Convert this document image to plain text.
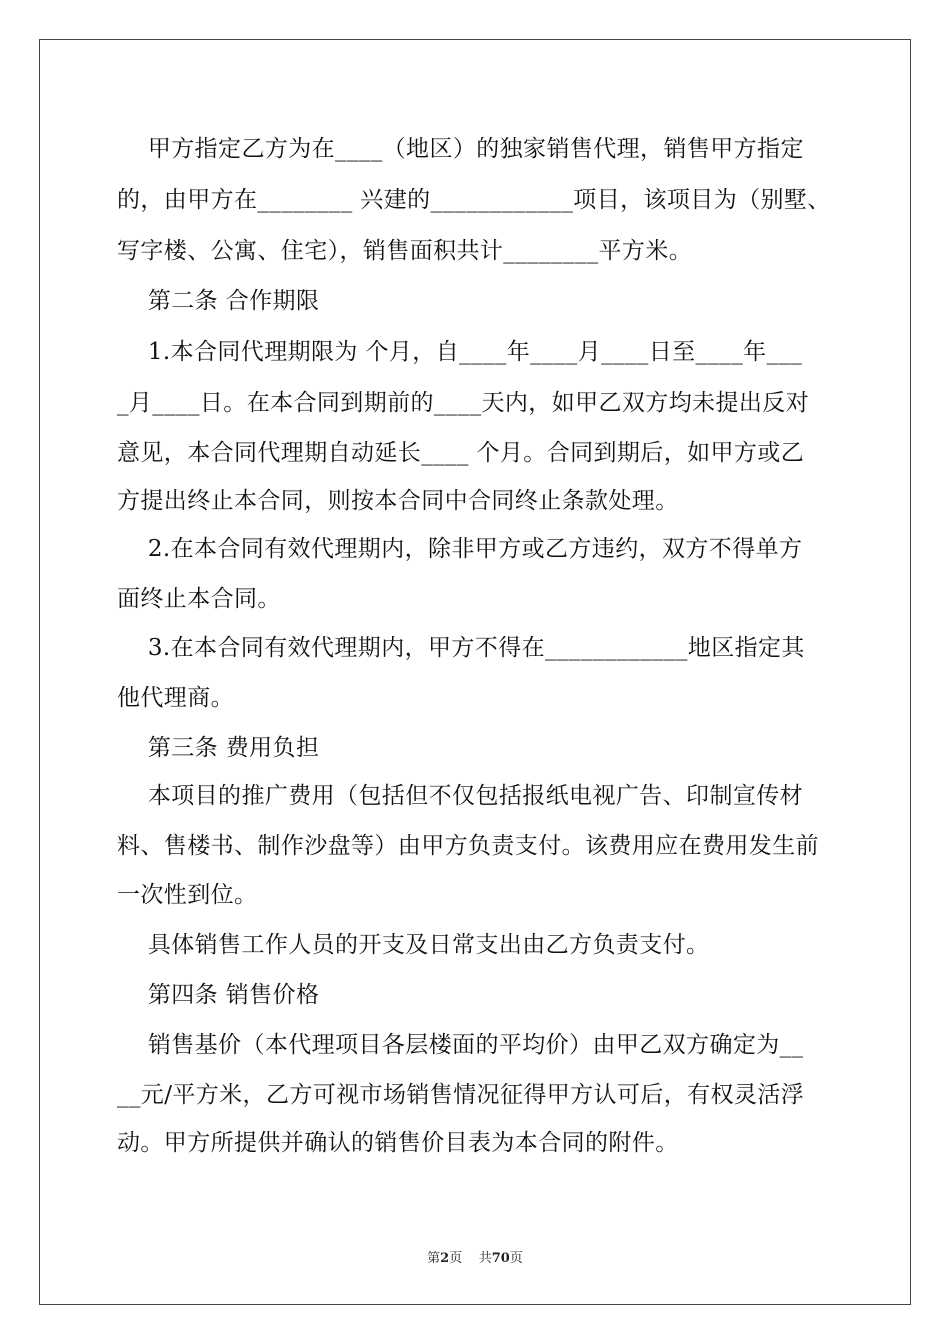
甲方指定乙方为在____（地区）的独家销售代理，销售甲方指定
的，由甲方在________ 兴建的____________项目，该项目为（别墅、
写字楼、公寓、住宅），销售面积共计________平方米。
第二条 合作期限
1.本合同代理期限为 个月，自____年____月____日至____年___
_月____日。在本合同到期前的____天内，如甲乙双方均未提出反对
意见，本合同代理期自动延长____ 个月。合同到期后，如甲方或乙
方提出终止本合同，则按本合同中合同终止条款处理。
2.在本合同有效代理期内，除非甲方或乙方违约，双方不得单方
面终止本合同。
3.在本合同有效代理期内，甲方不得在____________地区指定其
他代理商。
第三条 费用负担
本项目的推广费用（包括但不仅包括报纸电视广告、印制宣传材
料、售楼书、制作沙盘等）由甲方负责支付。该费用应在费用发生前
一次性到位。
具体销售工作人员的开支及日常支出由乙方负责支付。
第四条 销售价格
销售基价（本代理项目各层楼面的平均价）由甲乙双方确定为__
__元/平方米，乙方可视市场销售情况征得甲方认可后，有权灵活浮
动。甲方所提供并确认的销售价目表为本合同的附件。
第2页    共70页
